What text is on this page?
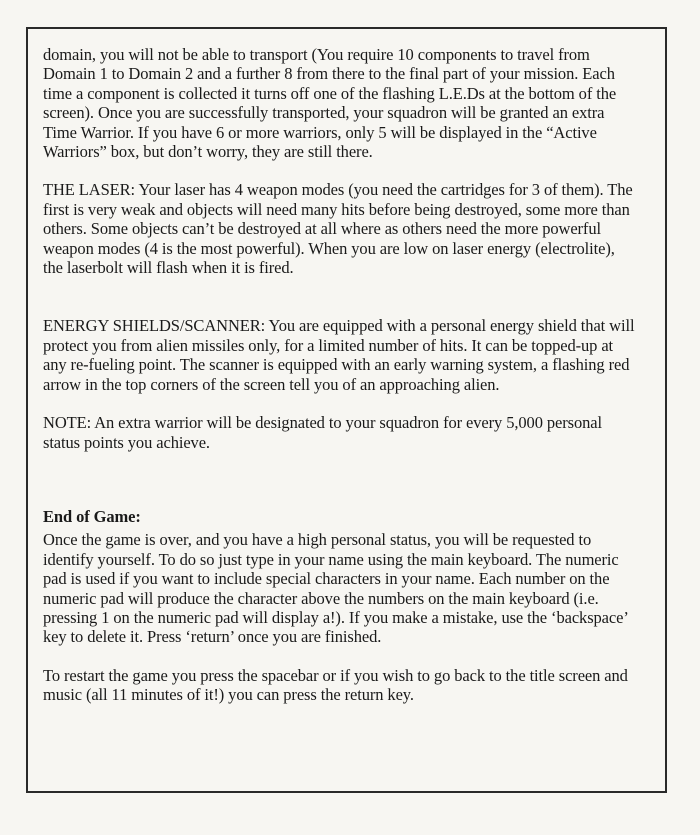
domain, you will not be able to transport (You require 10 components to travel from Domain 1 to Domain 2 and a further 8 from there to the final part of your mission. Each time a component is collected it turns off one of the flashing L.E.Ds at the bottom of the screen). Once you are successfully transported, your squadron will be granted an extra Time Warrior. If you have 6 or more warriors, only 5 will be displayed in the “Active Warriors” box, but don’t worry, they are still there.

THE LASER: Your laser has 4 weapon modes (you need the cartridges for 3 of them). The first is very weak and objects will need many hits before being destroyed, some more than others. Some objects can’t be destroyed at all where as others need the more powerful weapon modes (4 is the most powerful). When you are low on laser energy (electrolite), the laserbolt will flash when it is fired.

ENERGY SHIELDS/SCANNER: You are equipped with a personal energy shield that will protect you from alien missiles only, for a limited number of hits. It can be topped-up at any re-fueling point. The scanner is equipped with an early warning system, a flashing red arrow in the top corners of the screen tell you of an approaching alien.

NOTE: An extra warrior will be designated to your squadron for every 5,000 personal status points you achieve.

End of Game:

Once the game is over, and you have a high personal status, you will be requested to identify yourself. To do so just type in your name using the main keyboard. The numeric pad is used if you want to include special characters in your name. Each number on the numeric pad will produce the character above the numbers on the main keyboard (i.e. pressing 1 on the numeric pad will display a!). If you make a mistake, use the ‘backspace’ key to delete it. Press ‘return’ once you are finished.

To restart the game you press the spacebar or if you wish to go back to the title screen and music (all 11 minutes of it!) you can press the return key.
